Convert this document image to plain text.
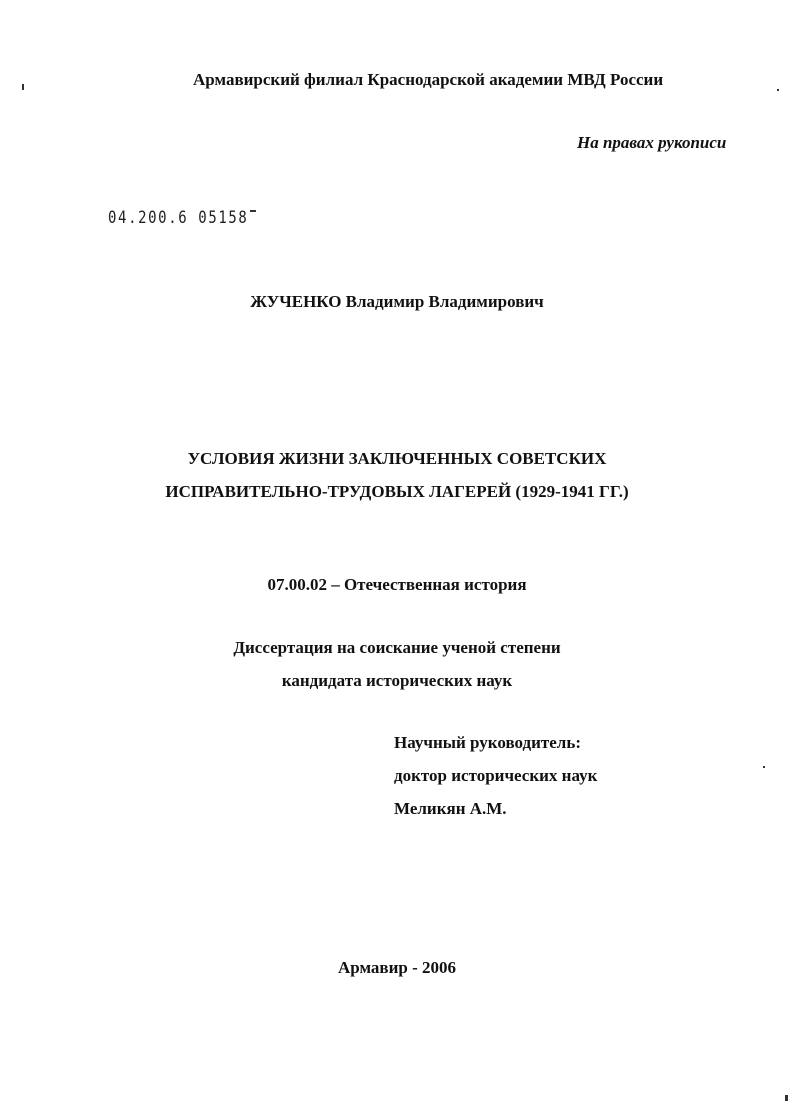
Армавирский филиал Краснодарской академии МВД России
На правах рукописи
04.200.6 05158
ЖУЧЕНКО Владимир Владимирович
УСЛОВИЯ ЖИЗНИ ЗАКЛЮЧЕННЫХ СОВЕТСКИХ
ИСПРАВИТЕЛЬНО-ТРУДОВЫХ ЛАГЕРЕЙ (1929-1941 ГГ.)
07.00.02 – Отечественная история
Диссертация на соискание ученой степени
кандидата исторических наук
Научный руководитель:
доктор исторических наук
Меликян А.М.
Армавир - 2006
